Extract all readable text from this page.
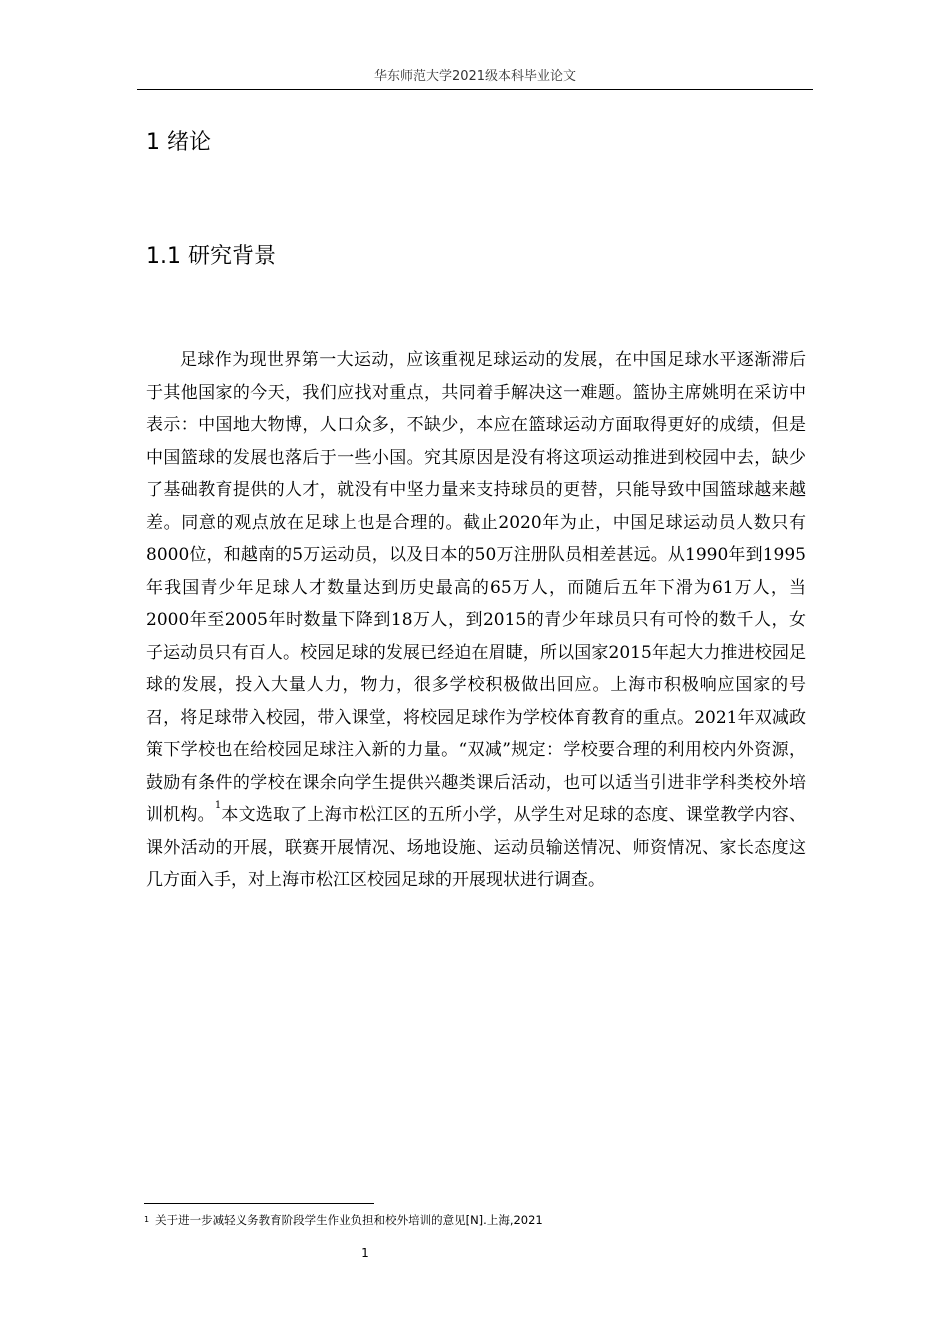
华东师范大学2021级本科毕业论文
1 绪论
1.1 研究背景

足球作为现世界第一大运动，应该重视足球运动的发展，在中国足球水平逐渐滞后于其他国家的今天，我们应找对重点，共同着手解决这一难题。篮协主席姚明在采访中表示：中国地大物博，人口众多，不缺少，本应在篮球运动方面取得更好的成绩，但是中国篮球的发展也落后于一些小国。究其原因是没有将这项运动推进到校园中去，缺少了基础教育提供的人才，就没有中坚力量来支持球员的更替，只能导致中国篮球越来越差。同意的观点放在足球上也是合理的。截止2020年为止，中国足球运动员人数只有8000位，和越南的5万运动员，以及日本的50万注册队员相差甚远。从1990年到1995年我国青少年足球人才数量达到历史最高的65万人，而随后五年下滑为61万人，当2000年至2005年时数量下降到18万人，到2015的青少年球员只有可怜的数千人，女子运动员只有百人。校园足球的发展已经迫在眉睫，所以国家2015年起大力推进校园足球的发展，投入大量人力，物力，很多学校积极做出回应。上海市积极响应国家的号召，将足球带入校园，带入课堂，将校园足球作为学校体育教育的重点。2021年双减政策下学校也在给校园足球注入新的力量。“双减”规定：学校要合理的利用校内外资源，鼓励有条件的学校在课余向学生提供兴趣类课后活动，也可以适当引进非学科类校外培训机构。$^1$本文选取了上海市松江区的五所小学，从学生对足球的态度、课堂教学内容、课外活动的开展，联赛开展情况、场地设施、运动员输送情况、师资情况、家长态度这几方面入手，对上海市松江区校园足球的开展现状进行调查。

$^1$ 关于进一步减轻义务教育阶段学生作业负担和校外培训的意见[N].上海,2021
1
